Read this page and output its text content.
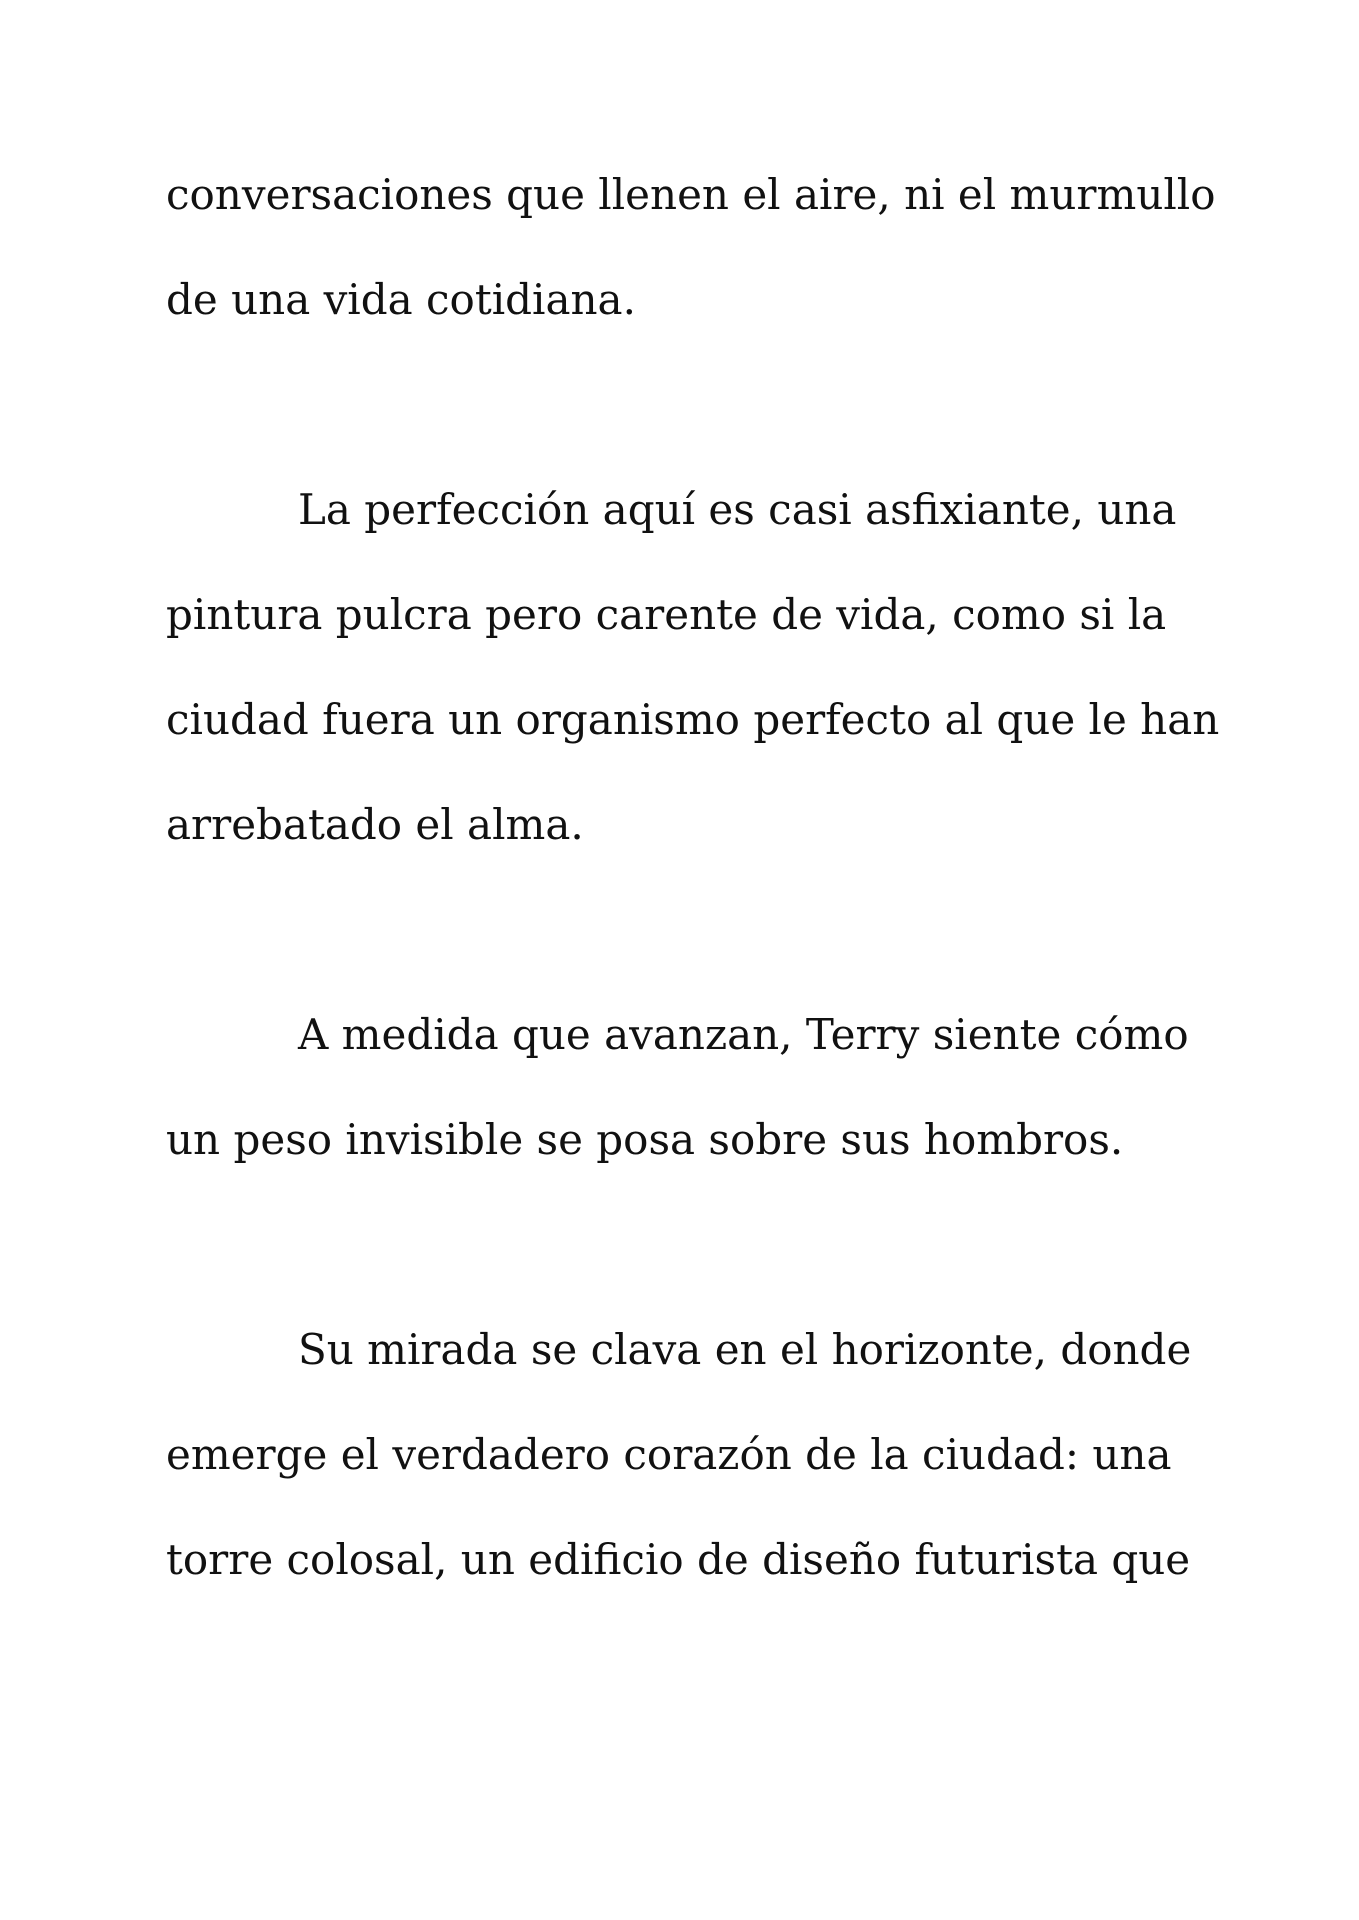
conversaciones que llenen el aire, ni el murmullo
de una vida cotidiana.
La perfección aquí es casi asfixiante, una
pintura pulcra pero carente de vida, como si la
ciudad fuera un organismo perfecto al que le han
arrebatado el alma.
A medida que avanzan, Terry siente cómo
un peso invisible se posa sobre sus hombros.
Su mirada se clava en el horizonte, donde
emerge el verdadero corazón de la ciudad: una
torre colosal, un edificio de diseño futurista que
